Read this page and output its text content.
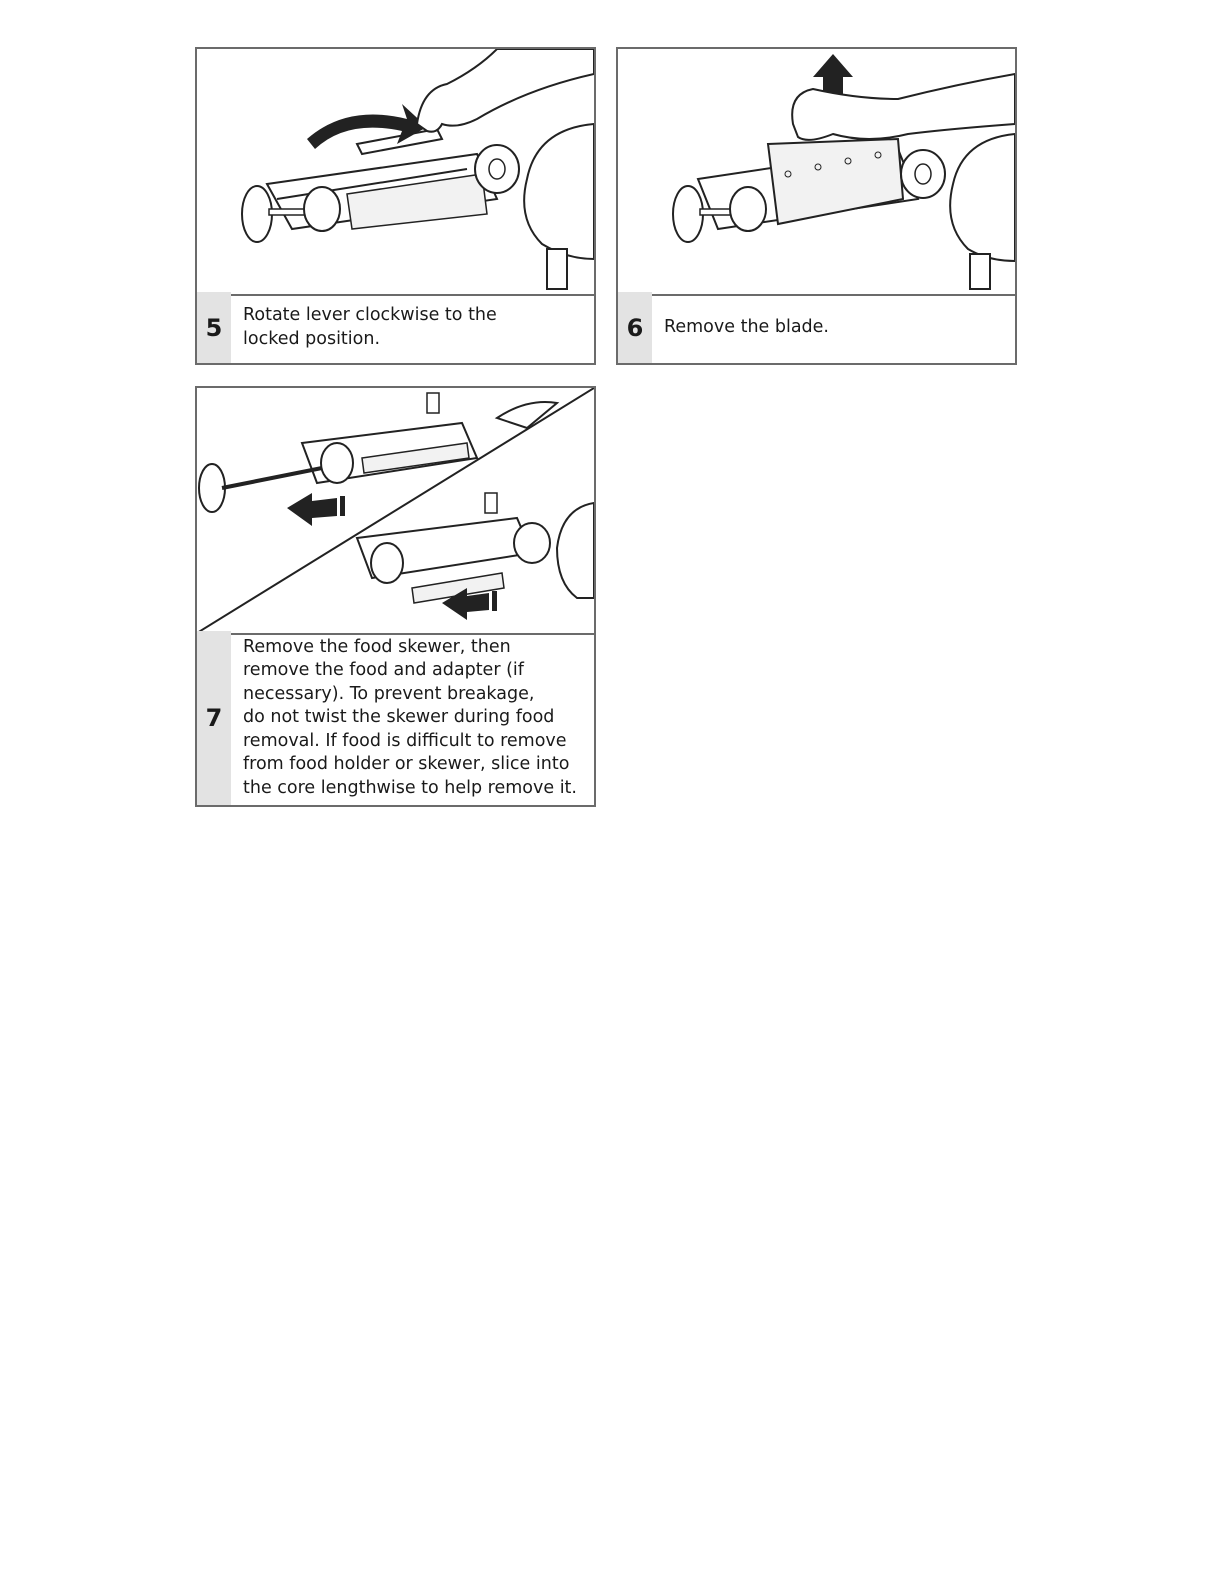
5	Rotate lever clockwise to the
locked position.	6	Remove the blade.
7
Remove the food skewer, then
remove the food and adapter (if
necessary). To prevent breakage,
do not twist the skewer during food
removal. If food is difficult to remove
from food holder or skewer, slice into
the core lengthwise to help remove it.
